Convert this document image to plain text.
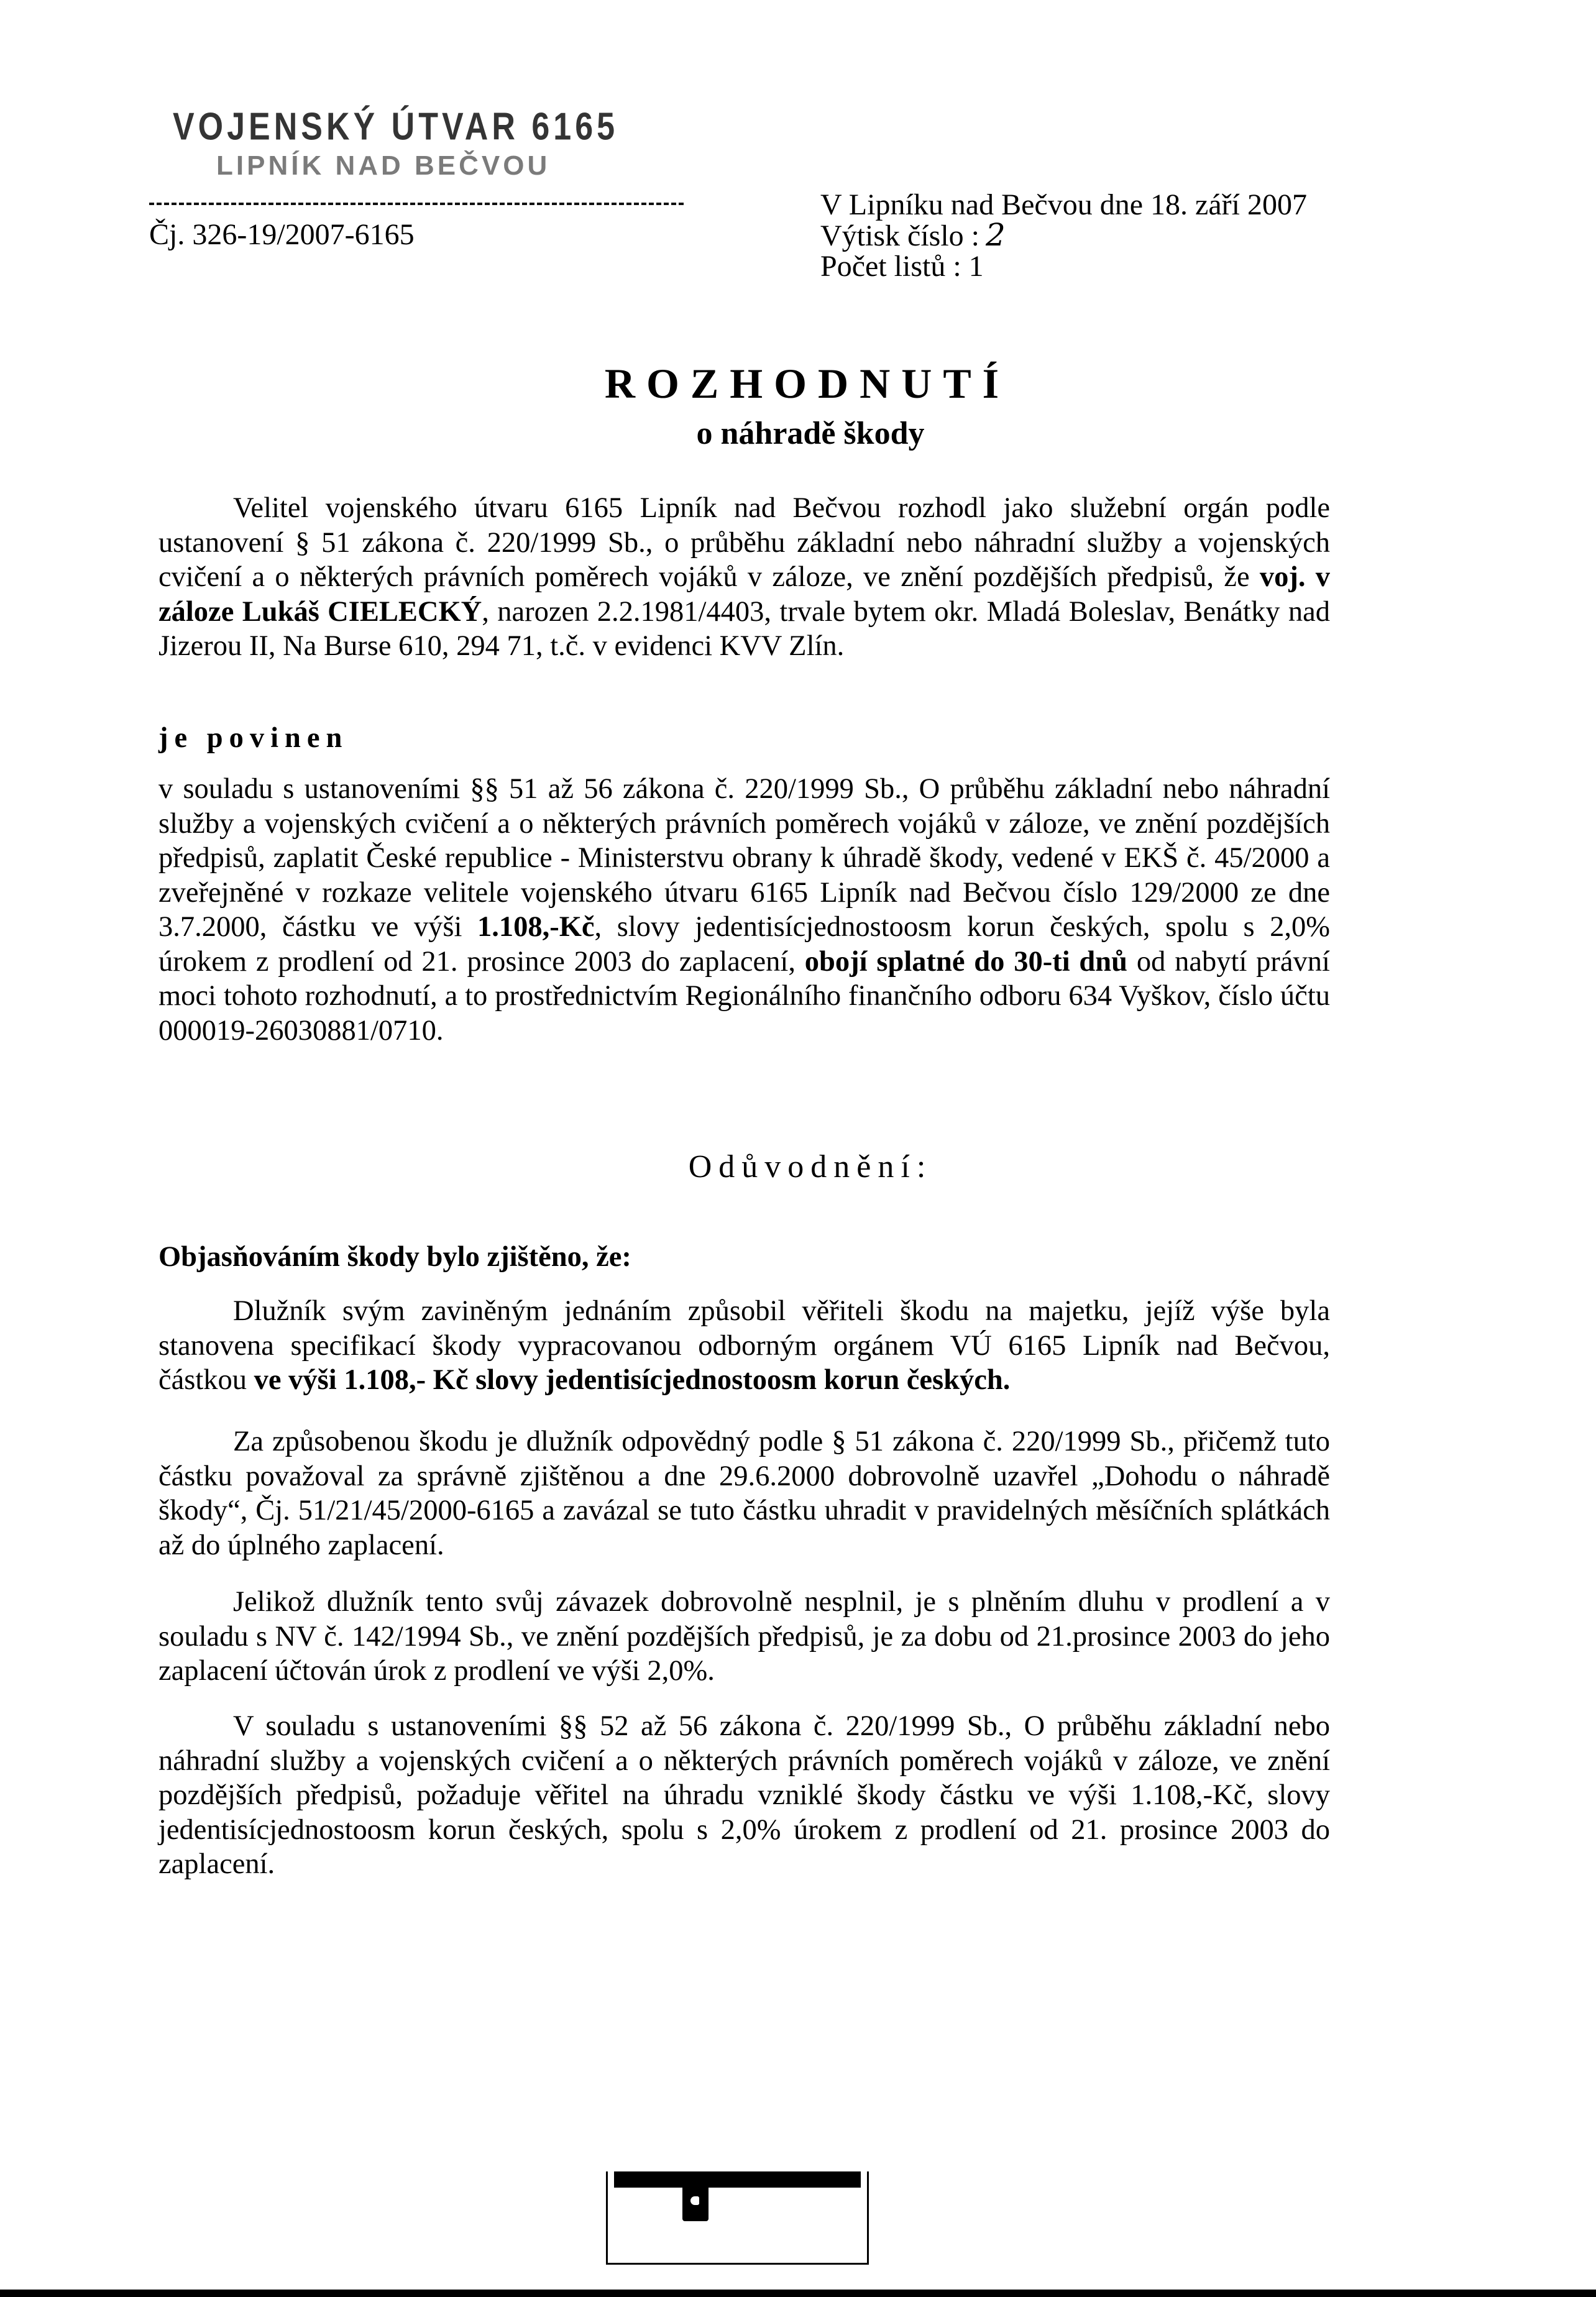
VOJENSKÝ ÚTVAR 6165
LIPNÍK NAD BEČVOU
Čj. 326-19/2007-6165
V Lipníku nad Bečvou dne 18. září 2007
Výtisk číslo : 2
Počet listů : 1
ROZHODNUTÍ
o náhradě škody

Velitel vojenského útvaru 6165 Lipník nad Bečvou rozhodl jako služební orgán podle ustanovení § 51 zákona č. 220/1999 Sb., o průběhu základní nebo náhradní služby a vojenských cvičení a o některých právních poměrech vojáků v záloze, ve znění pozdějších předpisů, že voj. v záloze Lukáš CIELECKÝ, narozen 2.2.1981/4403, trvale bytem okr. Mladá Boleslav, Benátky nad Jizerou II, Na Burse 610, 294 71, t.č. v evidenci KVV Zlín.

je povinen

v souladu s ustanoveními §§ 51 až 56 zákona č. 220/1999 Sb., O průběhu základní nebo náhradní služby a vojenských cvičení a o některých právních poměrech vojáků v záloze, ve znění pozdějších předpisů, zaplatit České republice - Ministerstvu obrany k úhradě škody, vedené v EKŠ č. 45/2000 a zveřejněné v rozkaze velitele vojenského útvaru 6165 Lipník nad Bečvou číslo 129/2000 ze dne 3.7.2000, částku ve výši 1.108,-Kč, slovy jedentisícjednostoosm korun českých, spolu s 2,0% úrokem z prodlení od 21. prosince 2003 do zaplacení, obojí splatné do 30-ti dnů od nabytí právní moci tohoto rozhodnutí, a to prostřednictvím Regionálního finančního odboru 634 Vyškov, číslo účtu 000019-26030881/0710.

Odůvodnění:
Objasňováním škody bylo zjištěno, že:

Dlužník svým zaviněným jednáním způsobil věřiteli škodu na majetku, jejíž výše byla stanovena specifikací škody vypracovanou odborným orgánem VÚ 6165 Lipník nad Bečvou, částkou ve výši 1.108,- Kč slovy jedentisícjednostoosm korun českých.

Za způsobenou škodu je dlužník odpovědný podle § 51 zákona č. 220/1999 Sb., přičemž tuto částku považoval za správně zjištěnou a dne 29.6.2000 dobrovolně uzavřel „Dohodu o náhradě škody“, Čj. 51/21/45/2000-6165 a zavázal se tuto částku uhradit v pravidelných měsíčních splátkách až do úplného zaplacení.

Jelikož dlužník tento svůj závazek dobrovolně nesplnil, je s plněním dluhu v prodlení a v souladu s NV č. 142/1994 Sb., ve znění pozdějších předpisů, je za dobu od 21.prosince 2003 do jeho zaplacení účtován úrok z prodlení ve výši 2,0%.

V souladu s ustanoveními §§ 52 až 56 zákona č. 220/1999 Sb., O průběhu základní nebo náhradní služby a vojenských cvičení a o některých právních poměrech vojáků v záloze, ve znění pozdějších předpisů, požaduje věřitel na úhradu vzniklé škody částku ve výši 1.108,-Kč, slovy jedentisícjednostoosm korun českých, spolu s 2,0% úrokem z prodlení od 21. prosince 2003 do zaplacení.
